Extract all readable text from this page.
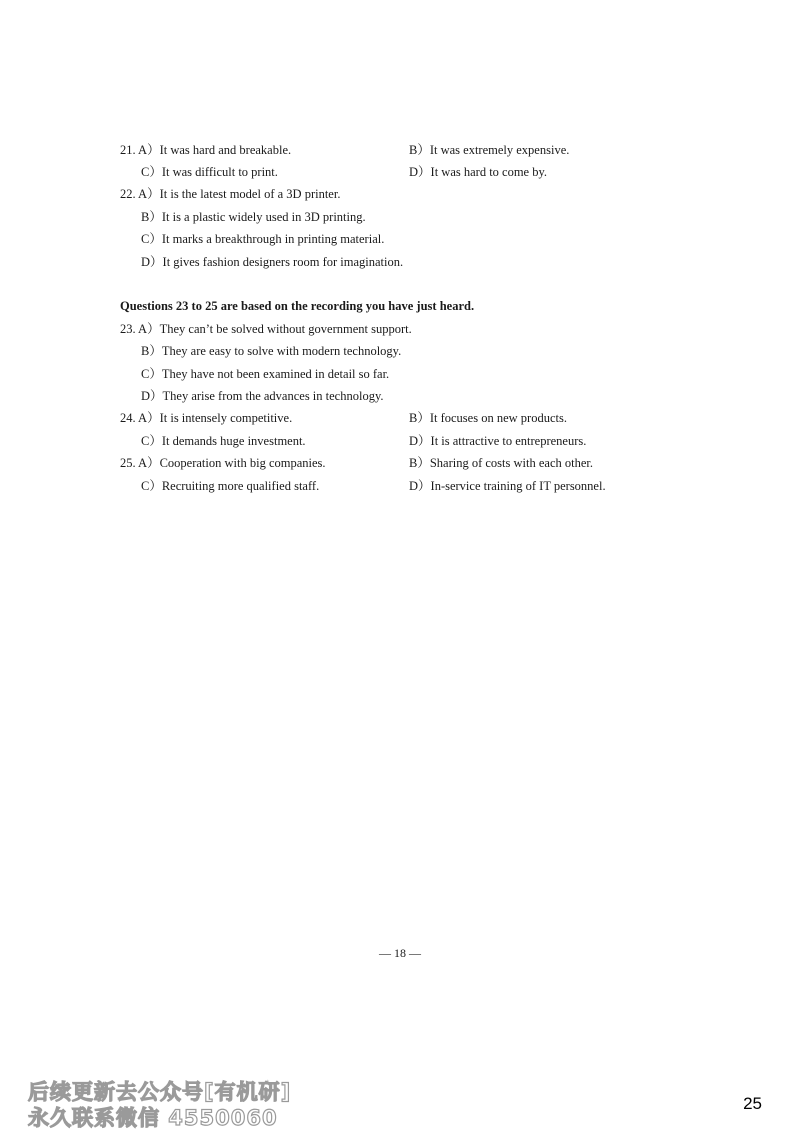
21. A）It was hard and breakable.	B）It was extremely expensive.
C）It was difficult to print.	D）It was hard to come by.
22. A）It is the latest model of a 3D printer.
B）It is a plastic widely used in 3D printing.
C）It marks a breakthrough in printing material.
D）It gives fashion designers room for imagination.
Questions 23 to 25 are based on the recording you have just heard.
23. A）They can’t be solved without government support.
B）They are easy to solve with modern technology.
C）They have not been examined in detail so far.
D）They arise from the advances in technology.
24. A）It is intensely competitive.	B）It focuses on new products.
C）It demands huge investment.	D）It is attractive to entrepreneurs.
25. A）Cooperation with big companies.	B）Sharing of costs with each other.
C）Recruiting more qualified staff.	D）In-service training of IT personnel.
— 18 —
后续更新去公众号[有机研]
永久联系微信 4550060
25
